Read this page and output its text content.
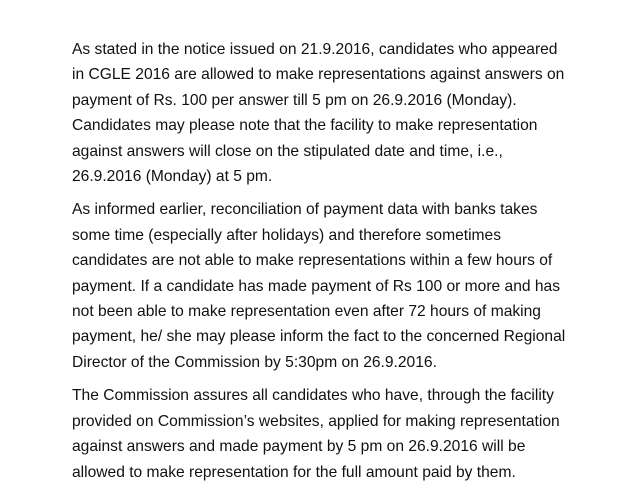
As stated in the notice issued on 21.9.2016, candidates who appeared
in CGLE 2016 are allowed to make representations against answers on
payment of Rs. 100 per answer till 5 pm on 26.9.2016 (Monday).
Candidates may please note that the facility to make representation
against answers will close on the stipulated date and time, i.e.,
26.9.2016 (Monday) at 5 pm.
As informed earlier, reconciliation of payment data with banks takes
some time (especially after holidays) and therefore sometimes
candidates are not able to make representations within a few hours of
payment. If a candidate has made payment of Rs 100 or more and has
not been able to make representation even after 72 hours of making
payment, he/ she may please inform the fact to the concerned Regional
Director of the Commission by 5:30pm on 26.9.2016.
The Commission assures all candidates who have, through the facility
provided on Commission’s websites, applied for making representation
against answers and made payment by 5 pm on 26.9.2016 will be
allowed to make representation for the full amount paid by them.
